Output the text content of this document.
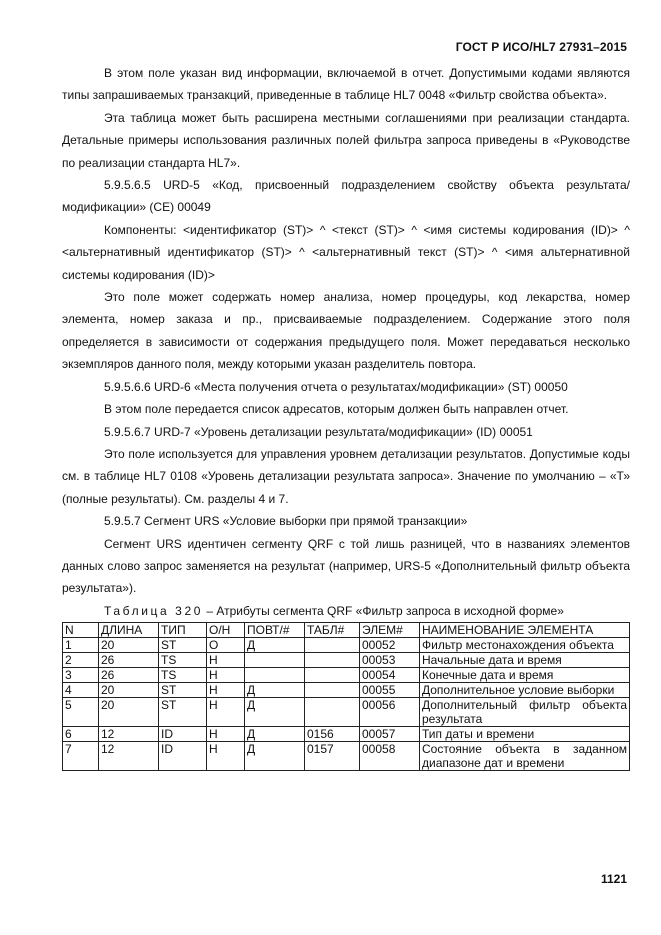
ГОСТ Р ИСО/HL7 27931–2015

В этом поле указан вид информации, включаемой в отчет. Допустимыми кодами являются типы запрашиваемых транзакций, приведенные в таблице HL7 0048 «Фильтр свойства объекта».

Эта таблица может быть расширена местными соглашениями при реализации стандарта. Детальные примеры использования различных полей фильтра запроса приведены в «Руководстве по реализации стандарта HL7».

5.9.5.6.5 URD-5 «Код, присвоенный подразделением свойству объекта результата/модификации» (CE) 00049

Компоненты: <идентификатор (ST)> ^ <текст (ST)> ^ <имя системы кодирования (ID)> ^ <альтернативный идентификатор (ST)> ^ <альтернативный текст (ST)> ^ <имя альтернативной системы кодирования (ID)>

Это поле может содержать номер анализа, номер процедуры, код лекарства, номер элемента, номер заказа и пр., присваиваемые подразделением. Содержание этого поля определяется в зависимости от содержания предыдущего поля. Может передаваться несколько экземпляров данного поля, между которыми указан разделитель повтора.

5.9.5.6.6 URD-6 «Места получения отчета о результатах/модификации» (ST) 00050

В этом поле передается список адресатов, которым должен быть направлен отчет.

5.9.5.6.7 URD-7 «Уровень детализации результата/модификации» (ID) 00051

Это поле используется для управления уровнем детализации результатов. Допустимые коды см. в таблице HL7 0108 «Уровень детализации результата запроса». Значение по умолчанию – «Т» (полные результаты). См. разделы 4 и 7.

5.9.5.7 Сегмент URS «Условие выборки при прямой транзакции»

Сегмент URS идентичен сегменту QRF с той лишь разницей, что в названиях элементов данных слово запрос заменяется на результат (например, URS-5 «Дополнительный фильтр объекта результата»).

Таблица 320 – Атрибуты сегмента QRF «Фильтр запроса в исходной форме»
N	ДЛИНА	ТИП	О/Н	ПОВТ/#	ТАБЛ#	ЭЛЕМ#	НАИМЕНОВАНИЕ ЭЛЕМЕНТА
1	20	ST	О	Д		00052	Фильтр местонахождения объекта
2	26	TS	Н			00053	Начальные дата и время
3	26	TS	Н			00054	Конечные дата и время
4	20	ST	Н	Д		00055	Дополнительное условие выборки
5	20	ST	Н	Д		00056	Дополнительный фильтр объекта результата
6	12	ID	Н	Д	0156	00057	Тип даты и времени
7	12	ID	Н	Д	0157	00058	Состояние объекта в заданном диапазоне дат и времени
1121
